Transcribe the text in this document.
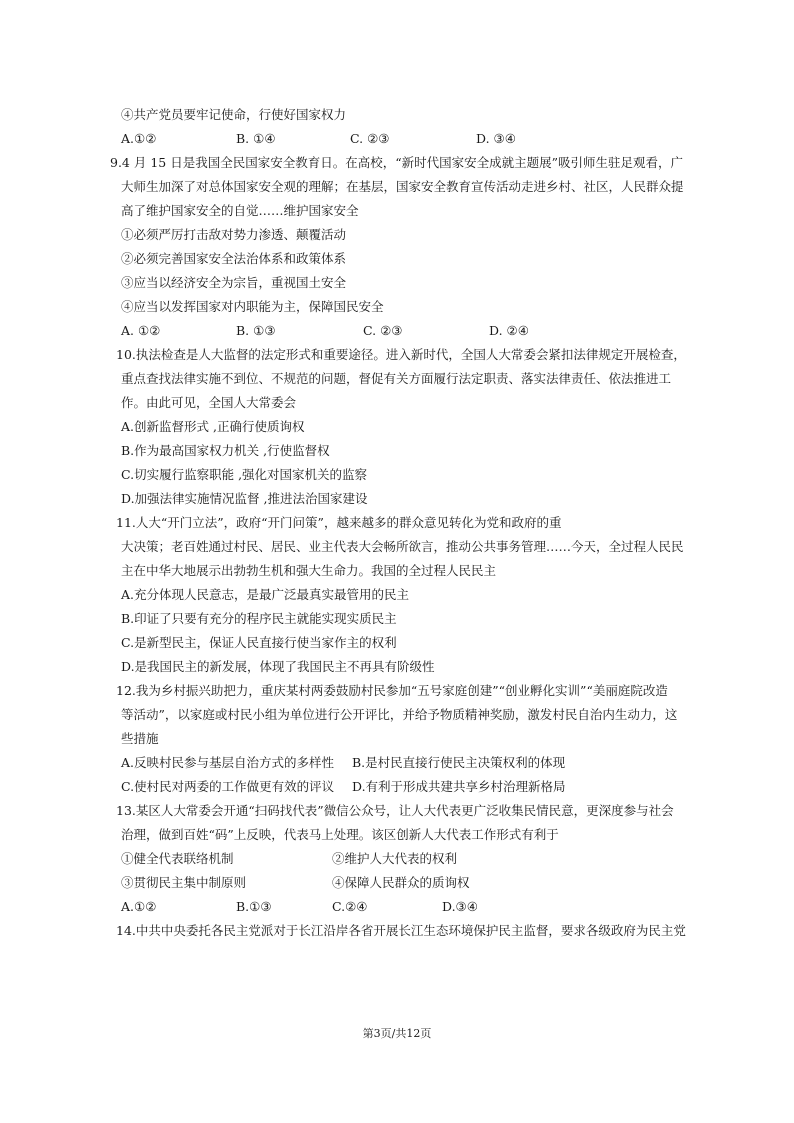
④共产党员要牢记使命，行使好国家权力
A.①②	B. ①④	C. ②③	D. ③④
9.4 月 15 日是我国全民国家安全教育日。在高校，“新时代国家安全成就主题展”吸引师生驻足观看，广
大师生加深了对总体国家安全观的理解；在基层，国家安全教育宣传活动走进乡村、社区，人民群众提
高了维护国家安全的自觉……维护国家安全
①必须严厉打击敌对势力渗透、颠覆活动
②必须完善国家安全法治体系和政策体系
③应当以经济安全为宗旨，重视国土安全
④应当以发挥国家对内职能为主，保障国民安全
A. ①②	B. ①③	C. ②③	D. ②④
10.执法检查是人大监督的法定形式和重要途径。进入新时代，全国人大常委会紧扣法律规定开展检查，
重点查找法律实施不到位、不规范的问题，督促有关方面履行法定职责、落实法律责任、依法推进工
作。由此可见，全国人大常委会
A.创新监督形式 ,正确行使质询权
B.作为最高国家权力机关 ,行使监督权
C.切实履行监察职能 ,强化对国家机关的监察
D.加强法律实施情况监督 ,推进法治国家建设
11.人大“开门立法”，政府“开门问策”，越来越多的群众意见转化为党和政府的重
大决策；老百姓通过村民、居民、业主代表大会畅所欲言，推动公共事务管理……今天，全过程人民民
主在中华大地展示出勃勃生机和强大生命力。我国的全过程人民民主
A.充分体现人民意志，是最广泛最真实最管用的民主
B.印证了只要有充分的程序民主就能实现实质民主
C.是新型民主，保证人民直接行使当家作主的权利
D.是我国民主的新发展，体现了我国民主不再具有阶级性
12.我为乡村振兴助把力，重庆某村两委鼓励村民参加“五号家庭创建”“创业孵化实训”“美丽庭院改造
等活动”，以家庭或村民小组为单位进行公开评比，并给予物质精神奖励，激发村民自治内生动力，这
些措施
A.反映村民参与基层自治方式的多样性 B.是村民直接行使民主决策权利的体现
C.使村民对两委的工作做更有效的评议 D.有利于形成共建共享乡村治理新格局
13.某区人大常委会开通“扫码找代表”微信公众号，让人大代表更广泛收集民情民意，更深度参与社会
治理，做到百姓“码”上反映，代表马上处理。该区创新人大代表工作形式有利于
①健全代表联络机制	②维护人大代表的权利
③贯彻民主集中制原则	④保障人民群众的质询权
A.①②	B.①③	C.②④	D.③④
14.中共中央委托各民主党派对于长江沿岸各省开展长江生态环境保护民主监督，要求各级政府为民主党
第3页/共12页
